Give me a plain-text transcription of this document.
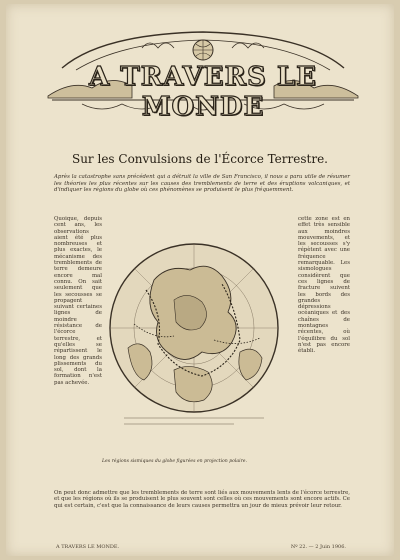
A TRAVERS LE MONDE
Sur les Convulsions de l'Écorce Terrestre.
Après la catastrophe sans précédent qui a détruit la ville de San Francisco, il nous a paru utile de résumer les théories les plus récentes sur les causes des tremblements de terre et des éruptions volcaniques, et d'indiquer les régions du globe où ces phénomènes se produisent le plus fréquemment.
Quoique, depuis cent ans, les observations aient été plus nombreuses et plus exactes, le mécanisme des tremblements de terre demeure encore mal connu. On sait seulement que les secousses se propagent suivant certaines lignes de moindre résistance de l'écorce terrestre, et qu'elles se répartissent le long des grands plissements du sol, dont la formation n'est pas achevée.
Les régions sismiques du globe figurées en projection polaire.
cette zone est en effet très sensible aux moindres mouvements, et les secousses s'y répètent avec une fréquence remarquable. Les sismologues considèrent que ces lignes de fracture suivent les bords des grandes dépressions océaniques et des chaînes de montagnes récentes, où l'équilibre du sol n'est pas encore établi.
On peut donc admettre que les tremblements de terre sont liés aux mouvements lents de l'écorce terrestre, et que les régions où ils se produisent le plus souvent sont celles où ces mouvements sont encore actifs. Ce qui est certain, c'est que la connaissance de leurs causes permettra un jour de mieux prévoir leur retour.
A TRAVERS LE MONDE.	Nº 22. — 2 Juin 1906.
